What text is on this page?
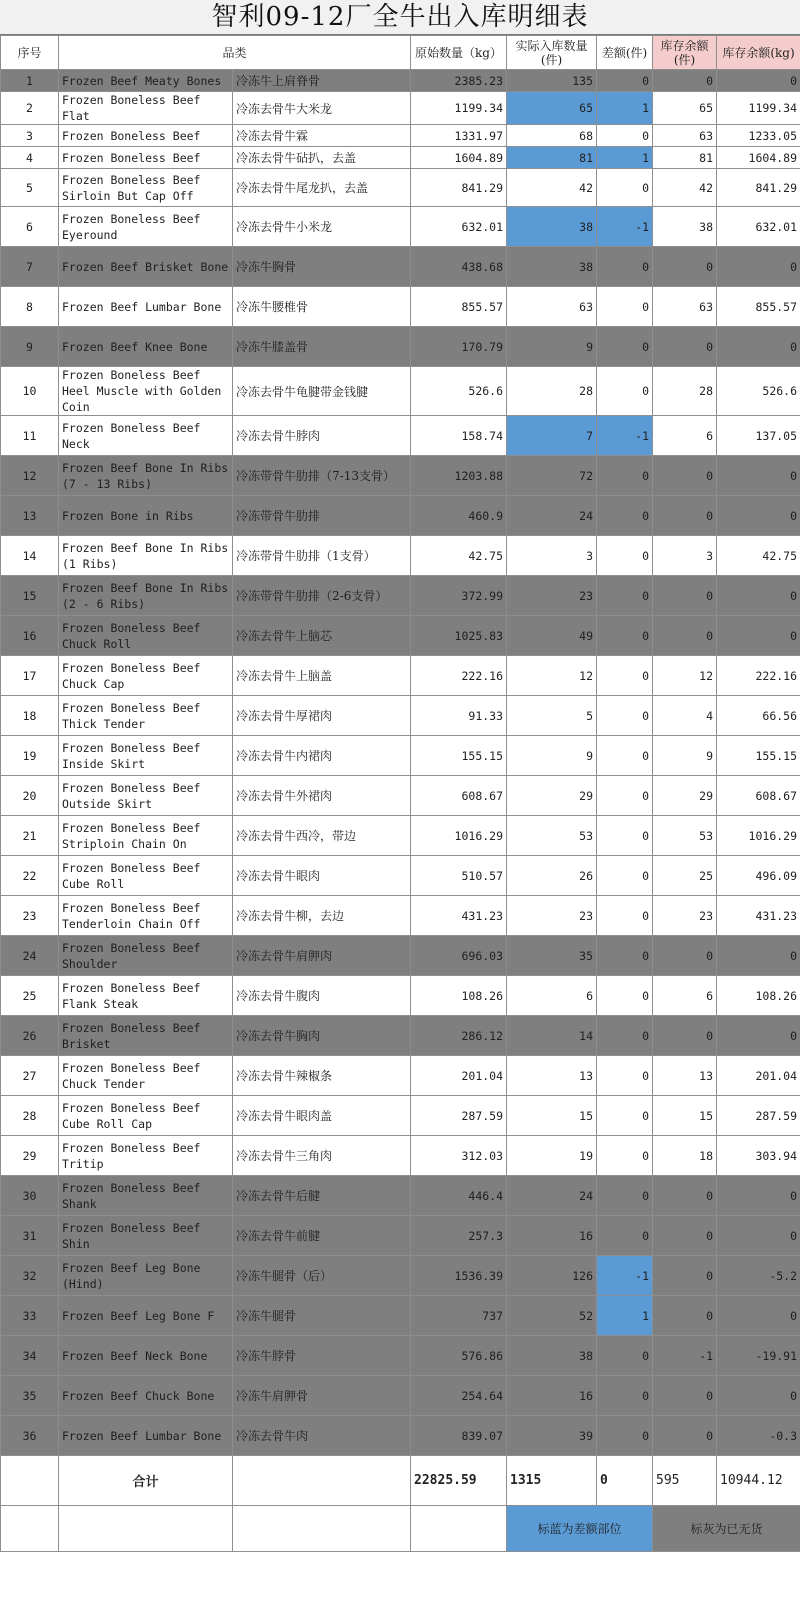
智利09-12厂全牛出入库明细表
序号	品类		原始数量（kg）	实际入库数量(件)	差额(件)	库存余额(件)	库存余额(kg)
1	Frozen Beef Meaty Bones	冷冻牛上肩脊骨	2385.23	135	0	0	0
2	Frozen Boneless Beef Flat	冷冻去骨牛大米龙	1199.34	65	1	65	1199.34
3	Frozen Boneless Beef	冷冻去骨牛霖	1331.97	68	0	63	1233.05
4	Frozen Boneless Beef	冷冻去骨牛砧扒，去盖	1604.89	81	1	81	1604.89
5	Frozen Boneless Beef Sirloin But Cap Off	冷冻去骨牛尾龙扒，去盖	841.29	42	0	42	841.29
6	Frozen Boneless Beef Eyeround	冷冻去骨牛小米龙	632.01	38	-1	38	632.01
7	Frozen Beef Brisket Bone	冷冻牛胸骨	438.68	38	0	0	0
8	Frozen Beef Lumbar Bone	冷冻牛腰椎骨	855.57	63	0	63	855.57
9	Frozen Beef Knee Bone	冷冻牛膝盖骨	170.79	9	0	0	0
10	Frozen Boneless Beef Heel Muscle with Golden Coin	冷冻去骨牛龟腱带金钱腱	526.6	28	0	28	526.6
11	Frozen Boneless Beef Neck	冷冻去骨牛脖肉	158.74	7	-1	6	137.05
12	Frozen Beef Bone In Ribs (7 - 13 Ribs)	冷冻带骨牛肋排（7-13支骨）	1203.88	72	0	0	0
13	Frozen Bone in Ribs	冷冻带骨牛肋排	460.9	24	0	0	0
14	Frozen Beef Bone In Ribs (1 Ribs)	冷冻带骨牛肋排（1支骨）	42.75	3	0	3	42.75
15	Frozen Beef Bone In Ribs (2 - 6 Ribs)	冷冻带骨牛肋排（2-6支骨）	372.99	23	0	0	0
16	Frozen Boneless Beef Chuck Roll	冷冻去骨牛上脑芯	1025.83	49	0	0	0
17	Frozen Boneless Beef Chuck Cap	冷冻去骨牛上脑盖	222.16	12	0	12	222.16
18	Frozen Boneless Beef Thick Tender	冷冻去骨牛厚裙肉	91.33	5	0	4	66.56
19	Frozen Boneless Beef Inside Skirt	冷冻去骨牛内裙肉	155.15	9	0	9	155.15
20	Frozen Boneless Beef Outside Skirt	冷冻去骨牛外裙肉	608.67	29	0	29	608.67
21	Frozen Boneless Beef Striploin Chain On	冷冻去骨牛西冷，带边	1016.29	53	0	53	1016.29
22	Frozen Boneless Beef Cube Roll	冷冻去骨牛眼肉	510.57	26	0	25	496.09
23	Frozen Boneless Beef Tenderloin Chain Off	冷冻去骨牛柳，去边	431.23	23	0	23	431.23
24	Frozen Boneless Beef Shoulder	冷冻去骨牛肩胛肉	696.03	35	0	0	0
25	Frozen Boneless Beef Flank Steak	冷冻去骨牛腹肉	108.26	6	0	6	108.26
26	Frozen Boneless Beef Brisket	冷冻去骨牛胸肉	286.12	14	0	0	0
27	Frozen Boneless Beef Chuck Tender	冷冻去骨牛辣椒条	201.04	13	0	13	201.04
28	Frozen Boneless Beef Cube Roll Cap	冷冻去骨牛眼肉盖	287.59	15	0	15	287.59
29	Frozen Boneless Beef Tritip	冷冻去骨牛三角肉	312.03	19	0	18	303.94
30	Frozen Boneless Beef Shank	冷冻去骨牛后腱	446.4	24	0	0	0
31	Frozen Boneless Beef Shin	冷冻去骨牛前腱	257.3	16	0	0	0
32	Frozen Beef Leg Bone (Hind)	冷冻牛腿骨（后）	1536.39	126	-1	0	-5.2
33	Frozen Beef Leg Bone F	冷冻牛腿骨	737	52	1	0	0
34	Frozen Beef Neck Bone	冷冻牛脖骨	576.86	38	0	-1	-19.91
35	Frozen Beef Chuck Bone	冷冻牛肩胛骨	254.64	16	0	0	0
36	Frozen Beef Lumbar Bone	冷冻去骨牛肉	839.07	39	0	0	-0.3
	合计		22825.59	1315	0	595	10944.12
				标蓝为差额部位		标灰为已无货	
